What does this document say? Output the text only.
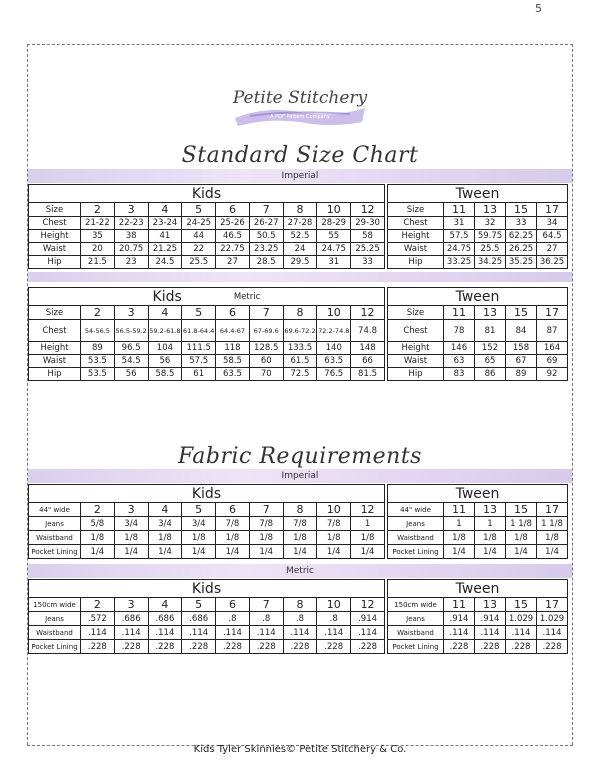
5
Petite Stitchery
A PDF Pattern Company
Standard Size Chart
Imperial
Kids									
Size	2	3	4	5	6	7	8	10	12
Chest	21-22	22-23	23-24	24-25	25-26	26-27	27-28	28-29	29-30
Height	35	38	41	44	46.5	50.5	52.5	55	58
Waist	20	20.75	21.25	22	22.75	23.25	24	24.75	25.25
Hip	21.5	23	24.5	25.5	27	28.5	29.5	31	33
Tween				
Size	11	13	15	17
Chest	31	32	33	34
Height	57.5	59.75	62.25	64.5
Waist	24.75	25.5	26.25	27
Hip	33.25	34.25	35.25	36.25
Kids				Metric					
Size	2	3	4	5	6	7	8	10	12
Chest	54-56.5	56.5-59.2	59.2-61.8	61.8-64.4	64.4-67	67-69.6	69.6-72.2	72.2-74.8	74.8
Height	89	96.5	104	111.5	118	128.5	133.5	140	148
Waist	53.5	54.5	56	57.5	58.5	60	61.5	63.5	66
Hip	53.5	56	58.5	61	63.5	70	72.5	76.5	81.5
Tween				
Size	11	13	15	17
Chest	78	81	84	87
Height	146	152	158	164
Waist	63	65	67	69
Hip	83	86	89	92
Fabric Requirements
Imperial
Kids									
44" wide	2	3	4	5	6	7	8	10	12
Jeans	5/8	3/4	3/4	3/4	7/8	7/8	7/8	7/8	1
Waistband	1/8	1/8	1/8	1/8	1/8	1/8	1/8	1/8	1/8
Pocket Lining	1/4	1/4	1/4	1/4	1/4	1/4	1/4	1/4	1/4
Tween				
44" wide	11	13	15	17
Jeans	1	1	1 1/8	1 1/8
Waistband	1/8	1/8	1/8	1/8
Pocket Lining	1/4	1/4	1/4	1/4
Metric
Kids									
150cm wide	2	3	4	5	6	7	8	10	12
Jeans	.572	.686	.686	.686	.8	.8	.8	.8	.914
Waistband	.114	.114	.114	.114	.114	.114	.114	.114	.114
Pocket Lining	.228	.228	.228	.228	.228	.228	.228	.228	.228
Tween				
150cm wide	11	13	15	17
Jeans	.914	.914	1.029	1.029
Waistband	.114	.114	.114	.114
Pocket Lining	.228	.228	.228	.228
Kids Tyler Skinnies© Petite Stitchery & Co.
